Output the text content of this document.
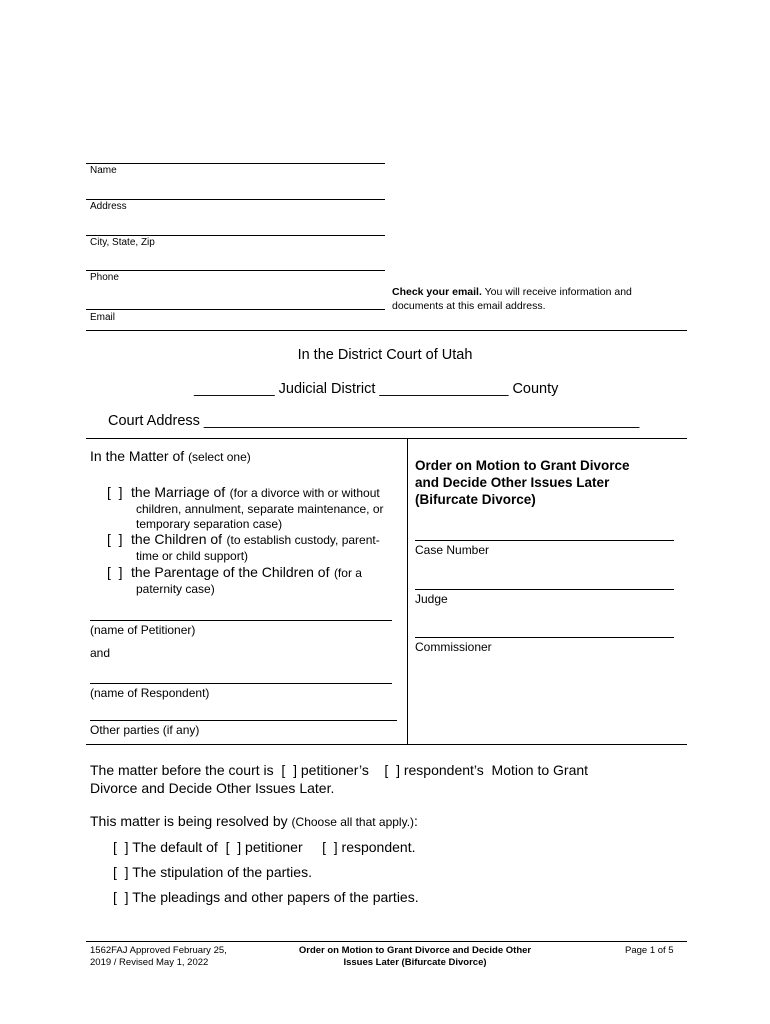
Name
Address
City, State, Zip
Phone
Email
Check your email. You will receive information and
documents at this email address.
In the District Court of Utah
__________ Judicial District ________________ County
Court Address ______________________________________________________
In the Matter of (select one)
[  ] the Marriage of (for a divorce with or without
children, annulment, separate maintenance, or
temporary separation case)
[  ] the Children of (to establish custody, parent-
time or child support)
[  ] the Parentage of the Children of (for a
paternity case)
(name of Petitioner)
and
(name of Respondent)
Other parties (if any)
Order on Motion to Grant Divorce
and Decide Other Issues Later
(Bifurcate Divorce)
Case Number
Judge
Commissioner
The matter before the court is  [  ] petitioner’s    [  ] respondent’s  Motion to Grant
Divorce and Decide Other Issues Later.
This matter is being resolved by (Choose all that apply.):
[  ] The default of  [  ] petitioner     [  ] respondent.
[  ] The stipulation of the parties.
[  ] The pleadings and other papers of the parties.
1562FAJ Approved February 25,
2019 / Revised May 1, 2022
Order on Motion to Grant Divorce and Decide Other
Issues Later (Bifurcate Divorce)
Page 1 of 5
